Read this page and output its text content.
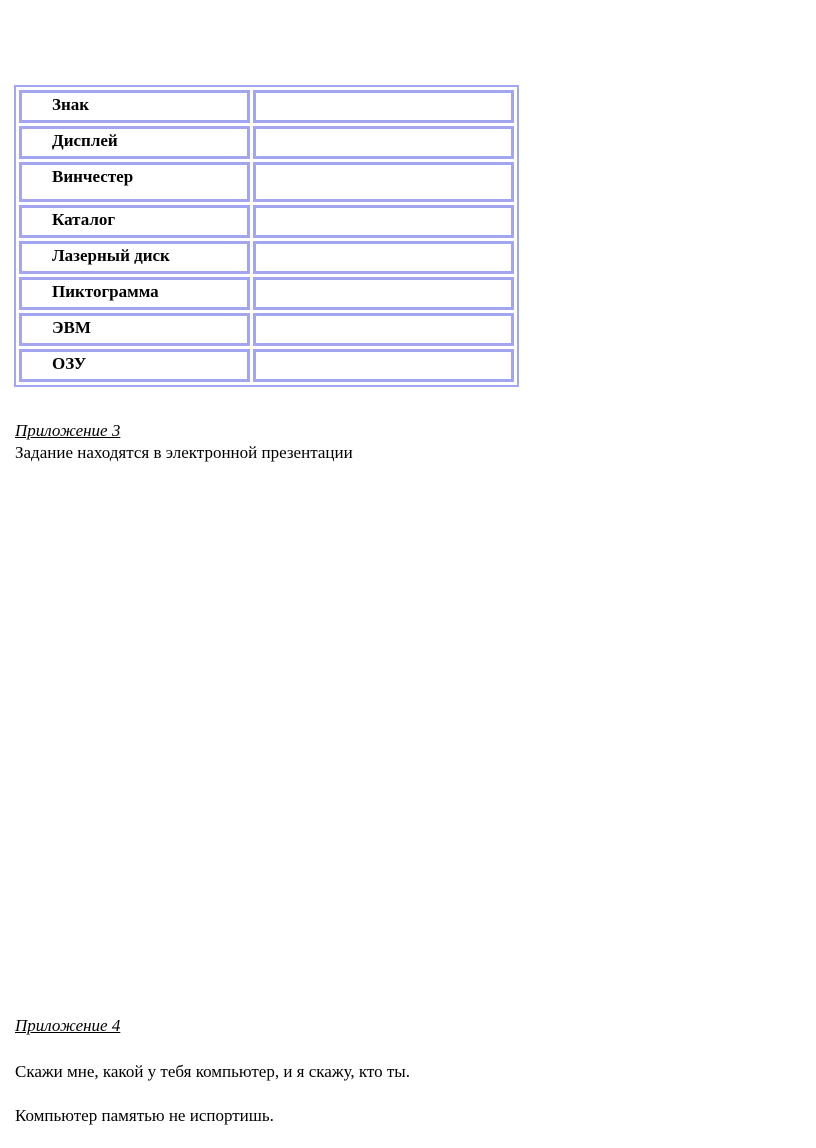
Знак	

Дисплей	

Винчестер	

Каталог	

Лазерный диск	

Пиктограмма	

ЭВМ	

ОЗУ	

Приложение 3

Задание находятся в электронной презентации

Приложение 4

Скажи мне, какой у тебя компьютер, и я скажу, кто ты.

Компьютер памятью не испортишь.
